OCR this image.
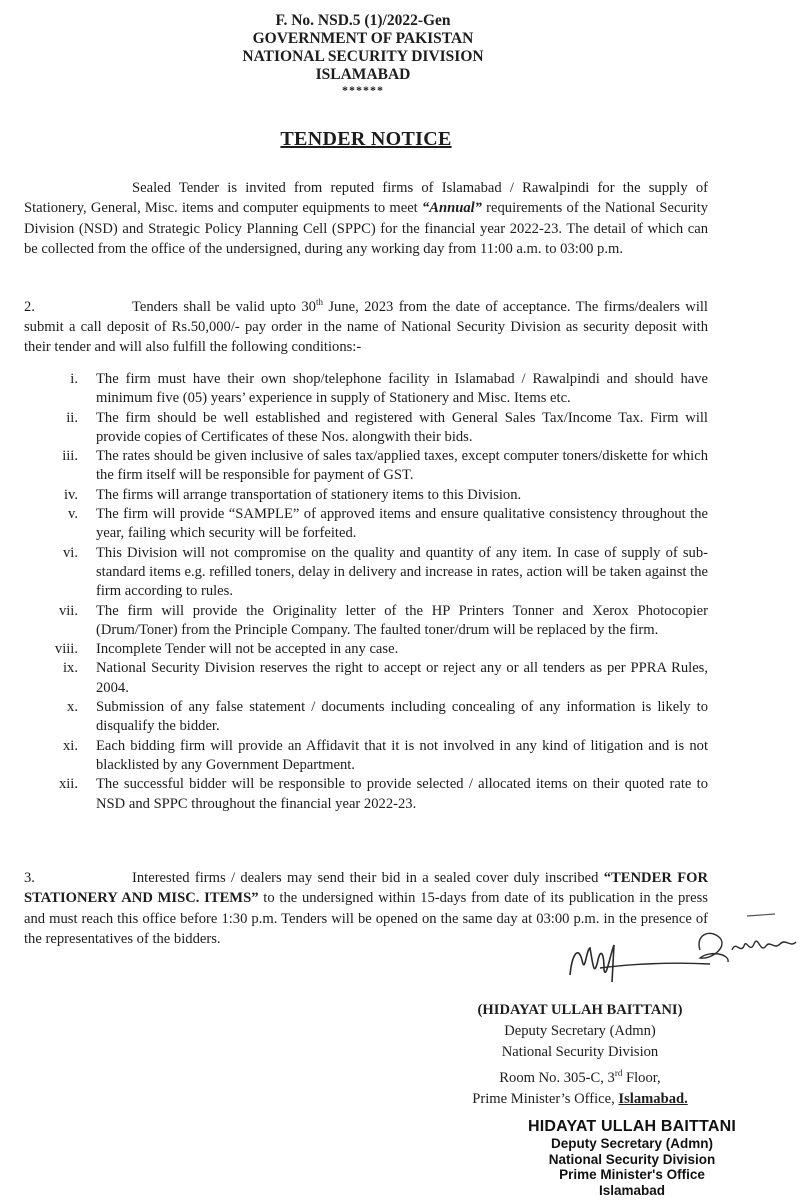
F. No. NSD.5 (1)/2022-Gen
GOVERNMENT OF PAKISTAN
NATIONAL SECURITY DIVISION
ISLAMABAD
******
TENDER NOTICE
Sealed Tender is invited from reputed firms of Islamabad / Rawalpindi for the supply of Stationery, General, Misc. items and computer equipments to meet “Annual” requirements of the National Security Division (NSD) and Strategic Policy Planning Cell (SPPC) for the financial year 2022-23. The detail of which can be collected from the office of the undersigned, during any working day from 11:00 a.m. to 03:00 p.m.
2.	Tenders shall be valid upto 30th June, 2023 from the date of acceptance. The firms/dealers will submit a call deposit of Rs.50,000/- pay order in the name of National Security Division as security deposit with their tender and will also fulfill the following conditions:-
i.	The firm must have their own shop/telephone facility in Islamabad / Rawalpindi and should have minimum five (05) years’ experience in supply of Stationery and Misc. Items etc.
ii.	The firm should be well established and registered with General Sales Tax/Income Tax. Firm will provide copies of Certificates of these Nos. alongwith their bids.
iii.	The rates should be given inclusive of sales tax/applied taxes, except computer toners/diskette for which the firm itself will be responsible for payment of GST.
iv.	The firms will arrange transportation of stationery items to this Division.
v.	The firm will provide “SAMPLE” of approved items and ensure qualitative consistency throughout the year, failing which security will be forfeited.
vi.	This Division will not compromise on the quality and quantity of any item. In case of supply of sub-standard items e.g. refilled toners, delay in delivery and increase in rates, action will be taken against the firm according to rules.
vii.	The firm will provide the Originality letter of the HP Printers Tonner and Xerox Photocopier (Drum/Toner) from the Principle Company. The faulted toner/drum will be replaced by the firm.
viii.	Incomplete Tender will not be accepted in any case.
ix.	National Security Division reserves the right to accept or reject any or all tenders as per PPRA Rules, 2004.
x.	Submission of any false statement / documents including concealing of any information is likely to disqualify the bidder.
xi.	Each bidding firm will provide an Affidavit that it is not involved in any kind of litigation and is not blacklisted by any Government Department.
xii.	The successful bidder will be responsible to provide selected / allocated items on their quoted rate to NSD and SPPC throughout the financial year 2022-23.
3.	Interested firms / dealers may send their bid in a sealed cover duly inscribed “TENDER FOR STATIONERY AND MISC. ITEMS” to the undersigned within 15-days from date of its publication in the press and must reach this office before 1:30 p.m. Tenders will be opened on the same day at 03:00 p.m. in the presence of the representatives of the bidders.
(HIDAYAT ULLAH BAITTANI)
Deputy Secretary (Admn)
National Security Division
Room No. 305-C, 3rd Floor,
Prime Minister’s Office, Islamabad.
HIDAYAT ULLAH BAITTANI
Deputy Secretary (Admn)
National Security Division
Prime Minister's Office
Islamabad
